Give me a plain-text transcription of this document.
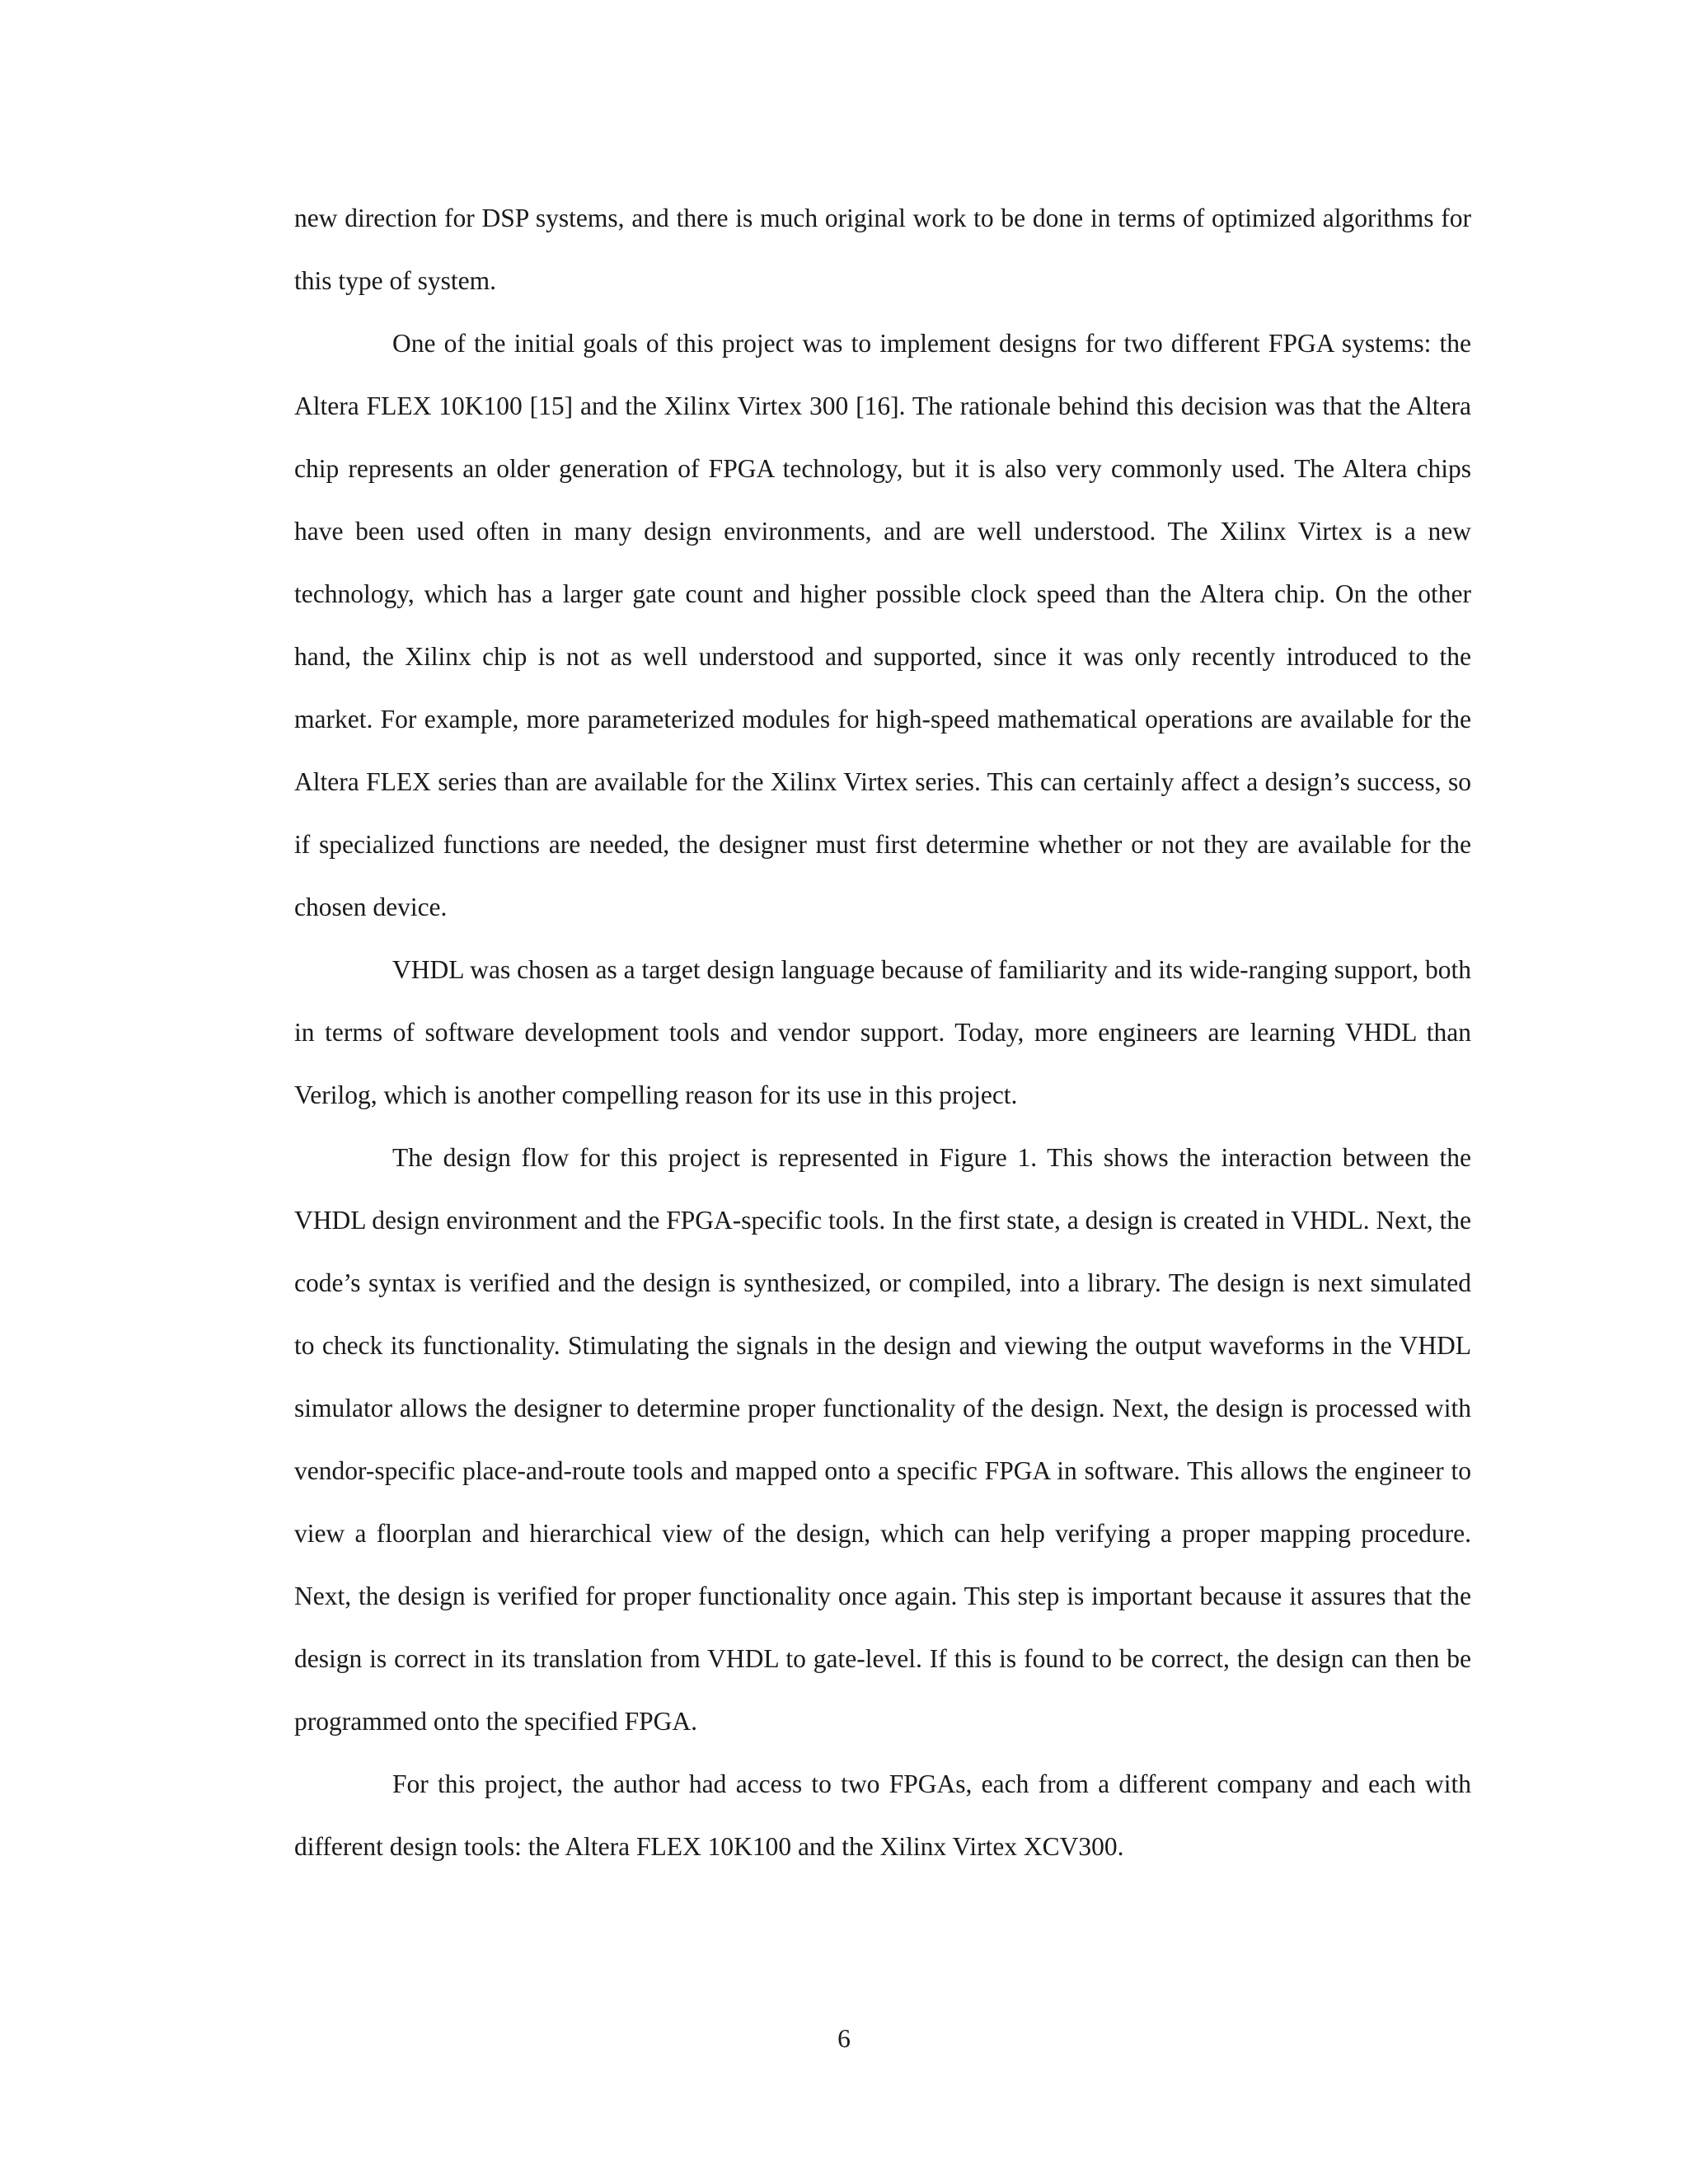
new direction for DSP systems, and there is much original work to be done in terms of optimized algorithms for this type of system.

One of the initial goals of this project was to implement designs for two different FPGA systems: the Altera FLEX 10K100 [15] and the Xilinx Virtex 300 [16]. The rationale behind this decision was that the Altera chip represents an older generation of FPGA technology, but it is also very commonly used. The Altera chips have been used often in many design environments, and are well understood. The Xilinx Virtex is a new technology, which has a larger gate count and higher possible clock speed than the Altera chip. On the other hand, the Xilinx chip is not as well understood and supported, since it was only recently introduced to the market. For example, more parameterized modules for high-speed mathematical operations are available for the Altera FLEX series than are available for the Xilinx Virtex series. This can certainly affect a design’s success, so if specialized functions are needed, the designer must first determine whether or not they are available for the chosen device.

VHDL was chosen as a target design language because of familiarity and its wide-ranging support, both in terms of software development tools and vendor support. Today, more engineers are learning VHDL than Verilog, which is another compelling reason for its use in this project.

The design flow for this project is represented in Figure 1. This shows the interaction between the VHDL design environment and the FPGA-specific tools. In the first state, a design is created in VHDL. Next, the code’s syntax is verified and the design is synthesized, or compiled, into a library. The design is next simulated to check its functionality. Stimulating the signals in the design and viewing the output waveforms in the VHDL simulator allows the designer to determine proper functionality of the design. Next, the design is processed with vendor-specific place-and-route tools and mapped onto a specific FPGA in software. This allows the engineer to view a floorplan and hierarchical view of the design, which can help verifying a proper mapping procedure. Next, the design is verified for proper functionality once again. This step is important because it assures that the design is correct in its translation from VHDL to gate-level. If this is found to be correct, the design can then be programmed onto the specified FPGA.

For this project, the author had access to two FPGAs, each from a different company and each with different design tools: the Altera FLEX 10K100 and the Xilinx Virtex XCV300.

6
